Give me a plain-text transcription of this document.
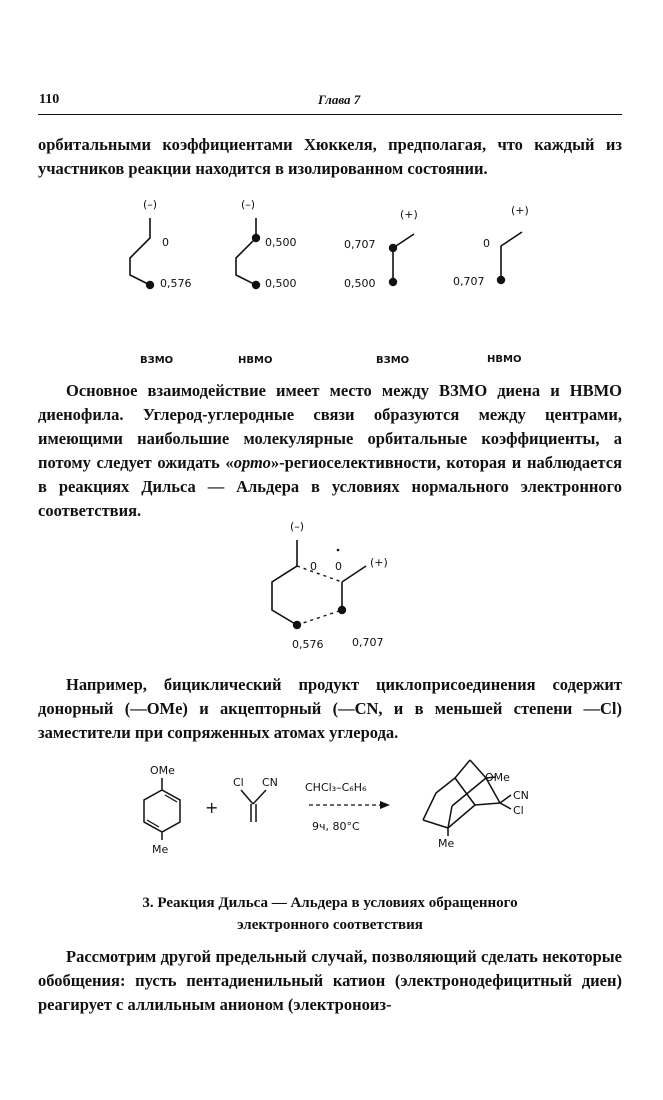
110	Глава 7

орбитальными коэффициентами Хюккеля, предполагая, что каждый из участников реакции находится в изолированном состоянии.

(–)
0
0,576
(–)
0,500
0,500
(+)
0,707
0,500
(+)
0
0,707
ВЗМО	НВМО	ВЗМО	НВМО

Основное взаимодействие имеет место между ВЗМО диена и НВМО диенофила. Углерод-углеродные связи образуются между центрами, имеющими наибольшие молекулярные орбитальные коэффициенты, а потому следует ожидать «орто»-региоселективности, которая и наблюдается в реакциях Дильса — Альдера в условиях нормального электронного соответствия.

(–)
0 0	(+)
0,576	0,707

Например, бициклический продукт циклоприсоединения содержит донорный (—OMe) и акцепторный (—CN, и в меньшей степени —Cl) заместители при сопряженных атомах углерода.

OMe
Me
+
Cl CN CHCl₃–C₆H₆
9ч, 80°C
OMe
CN
Cl
Me
3. Реакция Дильса — Альдера в условиях обращенного
электронного соответствия

Рассмотрим другой предельный случай, позволяющий сделать некоторые обобщения: пусть пентадиенильный катион (электронодефицитный диен) реагирует с аллильным анионом (электроноиз-
